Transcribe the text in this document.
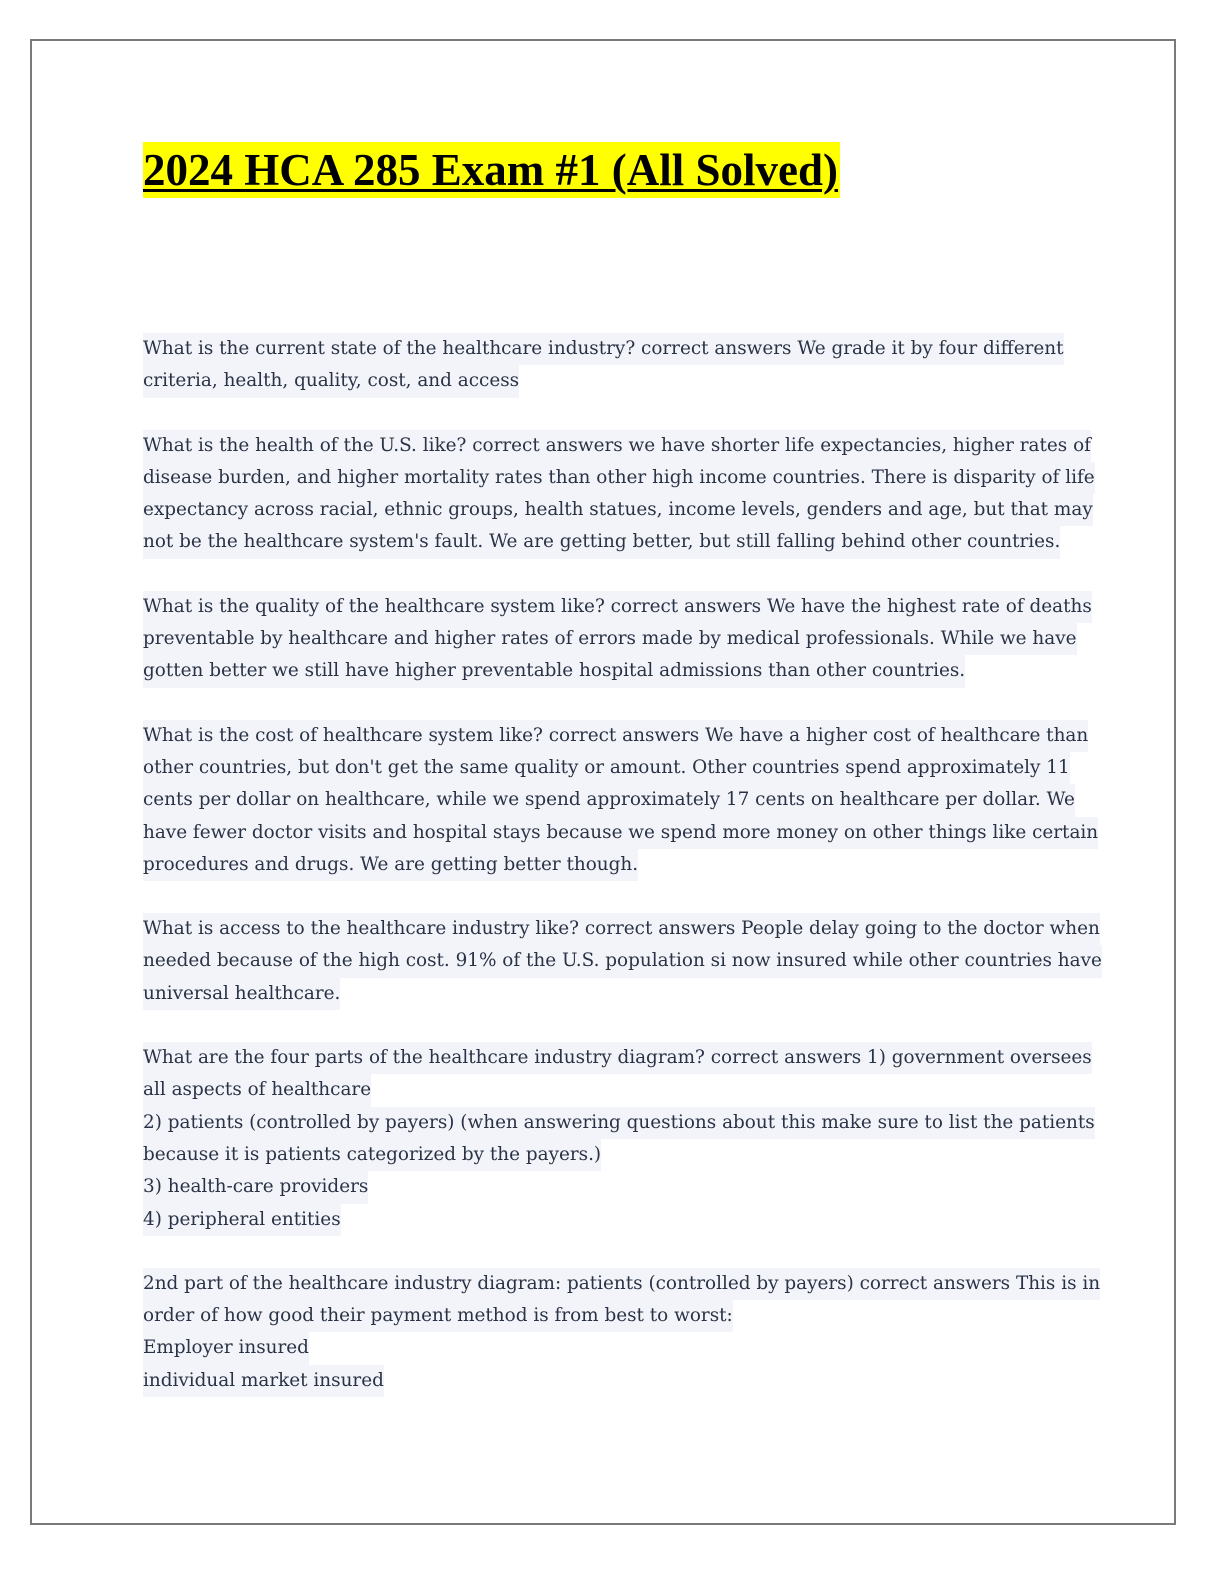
2024 HCA 285 Exam #1 (All Solved)
What is the current state of the healthcare industry? correct answers We grade it by four different
criteria, health, quality, cost, and access
What is the health of the U.S. like? correct answers we have shorter life expectancies, higher rates of
disease burden, and higher mortality rates than other high income countries. There is disparity of life
expectancy across racial, ethnic groups, health statues, income levels, genders and age, but that may
not be the healthcare system's fault. We are getting better, but still falling behind other countries.
What is the quality of the healthcare system like? correct answers We have the highest rate of deaths
preventable by healthcare and higher rates of errors made by medical professionals. While we have
gotten better we still have higher preventable hospital admissions than other countries.
What is the cost of healthcare system like? correct answers We have a higher cost of healthcare than
other countries, but don't get the same quality or amount. Other countries spend approximately 11
cents per dollar on healthcare, while we spend approximately 17 cents on healthcare per dollar. We
have fewer doctor visits and hospital stays because we spend more money on other things like certain
procedures and drugs. We are getting better though.
What is access to the healthcare industry like? correct answers People delay going to the doctor when
needed because of the high cost. 91% of the U.S. population si now insured while other countries have
universal healthcare.
What are the four parts of the healthcare industry diagram? correct answers 1) government oversees
all aspects of healthcare
2) patients (controlled by payers) (when answering questions about this make sure to list the patients
because it is patients categorized by the payers.)
3) health-care providers
4) peripheral entities
2nd part of the healthcare industry diagram: patients (controlled by payers) correct answers This is in
order of how good their payment method is from best to worst:
Employer insured
individual market insured
